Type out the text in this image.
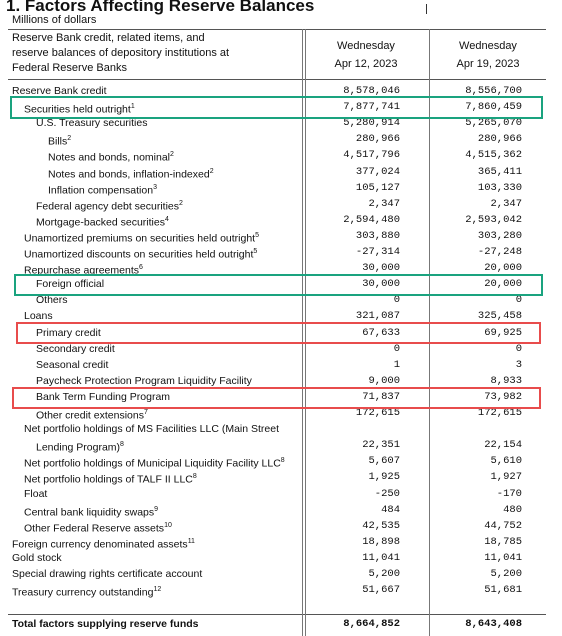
1. Factors Affecting Reserve Balances
Millions of dollars
Reserve Bank credit, related items, and
reserve balances of depository institutions at
Federal Reserve Banks
Wednesday
Apr 12, 2023
Wednesday
Apr 19, 2023
Reserve Bank credit	8,578,046	8,556,700
Securities held outright$^1$	7,877,741	7,860,459
U.S. Treasury securities	5,280,914	5,265,070
Bills$^2$	280,966	280,966
Notes and bonds, nominal$^2$	4,517,796	4,515,362
Notes and bonds, inflation-indexed$^2$	377,024	365,411
Inflation compensation$^3$	105,127	103,330
Federal agency debt securities$^2$	2,347	2,347
Mortgage-backed securities$^4$	2,594,480	2,593,042
Unamortized premiums on securities held outright$^5$	303,880	303,280
Unamortized discounts on securities held outright$^5$	-27,314	-27,248
Repurchase agreements$^6$	30,000	20,000
Foreign official	30,000	20,000
Others	0	0
Loans	321,087	325,458
Primary credit	67,633	69,925
Secondary credit	0	0
Seasonal credit	1	3
Paycheck Protection Program Liquidity Facility	9,000	8,933
Bank Term Funding Program	71,837	73,982
Other credit extensions$^7$	172,615	172,615
Net portfolio holdings of MS Facilities LLC (Main Street
Lending Program)$^8$	22,351	22,154
Net portfolio holdings of Municipal Liquidity Facility LLC$^8$	5,607	5,610
Net portfolio holdings of TALF II LLC$^8$	1,925	1,927
Float	-250	-170
Central bank liquidity swaps$^9$	484	480
Other Federal Reserve assets$^{10}$	42,535	44,752
Foreign currency denominated assets$^{11}$	18,898	18,785
Gold stock	11,041	11,041
Special drawing rights certificate account	5,200	5,200
Treasury currency outstanding$^{12}$	51,667	51,681
Total factors supplying reserve funds	8,664,852	8,643,408
